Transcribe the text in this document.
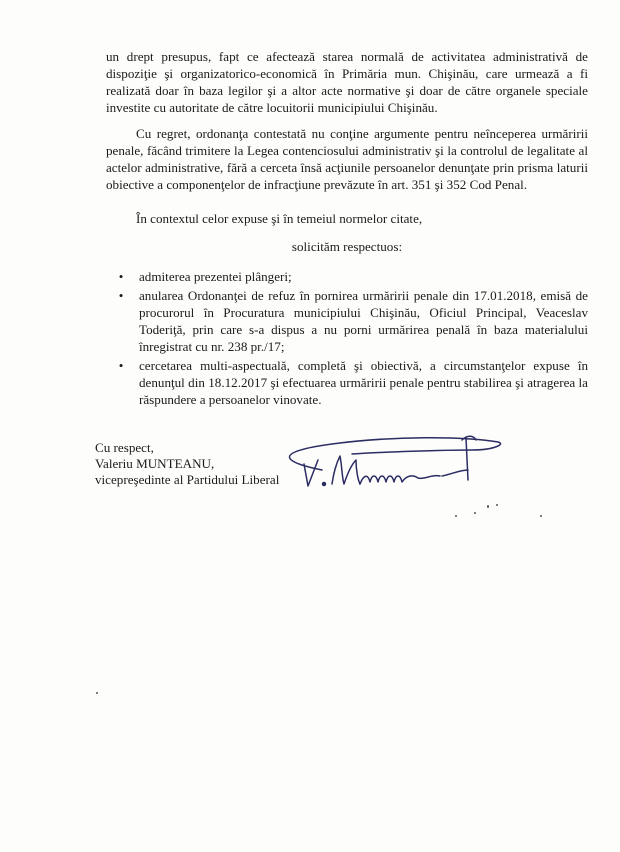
un drept presupus, fapt ce afectează starea normală de activitatea administrativă de dispoziţie şi organizatorico-economică în Primăria mun. Chişinău, care urmează a fi realizată doar în baza legilor şi a altor acte normative şi doar de către organele speciale investite cu autoritate de către locuitorii municipiului Chişinău.

Cu regret, ordonanţa contestată nu conţine argumente pentru neînceperea urmăririi penale, făcând trimitere la Legea contenciosului administrativ şi la controlul de legalitate al actelor administrative, fără a cerceta însă acţiunile persoanelor denunţate prin prisma laturii obiective a componenţelor de infracţiune prevăzute în art. 351 şi 352 Cod Penal.

În contextul celor expuse şi în temeiul normelor citate,

solicităm respectuos:

• admiterea prezentei plângeri;
• anularea Ordonanţei de refuz în pornirea urmăririi penale din 17.01.2018, emisă de procurorul în Procuratura municipiului Chişinău, Oficiul Principal, Veaceslav Toderiţă, prin care s-a dispus a nu porni urmărirea penală în baza materialului înregistrat cu nr. 238 pr./17;
• cercetarea multi-aspectuală, completă şi obiectivă, a circumstanţelor expuse în denunţul din 18.12.2017 şi efectuarea urmăririi penale pentru stabilirea şi atragerea la răspundere a persoanelor vinovate.
Cu respect,
Valeriu MUNTEANU,
vicepreşedinte al Partidului Liberal
